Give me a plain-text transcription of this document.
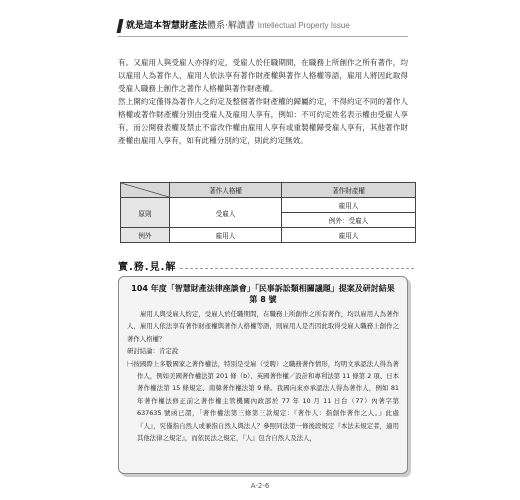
就是這本智慧財產法體系‧解讀書 Intellectual Property Issue

有。又雇用人與受雇人亦得約定，受雇人於任職期間，在職務上所創作之所有著作，均以雇用人為著作人，雇用人依法享有著作財產權與著作人格權等語，雇用人將因此取得受雇人職務上創作之著作人格權與著作財產權。

然上開約定僅得為著作人之約定及整個著作財產權的歸屬約定，不得約定不同的著作人格權或著作財產權分別由受雇人及雇用人享有，例如：不可約定姓名表示權由受雇人享有，而公開發表權及禁止不當改作權由雇用人享有或重製權歸受雇人享有，其他著作財產權由雇用人享有，如有此種分別約定，則此約定無效。

	著作人格權	著作財產權
原則	受雇人	雇用人
		例外：受雇人
例外	雇用人	雇用人
實.務.見.解
104 年度「智慧財產法律座談會」「民事訴訟類相關議題」提案及研討結果
第 8 號

雇用人與受雇人約定，受雇人於任職期間，在職務上所創作之所有著作，均以雇用人為著作人，雇用人依法享有著作財產權與著作人格權等語，則雇用人是否因此取得受雇人職務上創作之著作人格權？

研討結論：肯定說

㈠按國際上多數國家之著作權法，特別是受雇（受聘）之職務著作情形，均明文承認法人得為著作人，例如美國著作權法第 201 條（b）、英國著作權／設計和專利法第 11 條第 2 項、日本著作權法第 15 條規定、南韓著作權法第 9 條。我國向來亦承認法人得為著作人，例如 81 年著作權法修正前之著作權主管機關內政部於 77 年 10 月 11 日台（77）內著字第 637635 號函已謂，「著作權法第三條第三款規定：『著作人：指創作著作之人。』此處『人』，究僅指自然人或兼指自然人與法人？參照同法第一條後段規定『本法未規定者，適用其他法律之規定』，而依民法之規定，『人』包含自然人及法人，

A-2-6
